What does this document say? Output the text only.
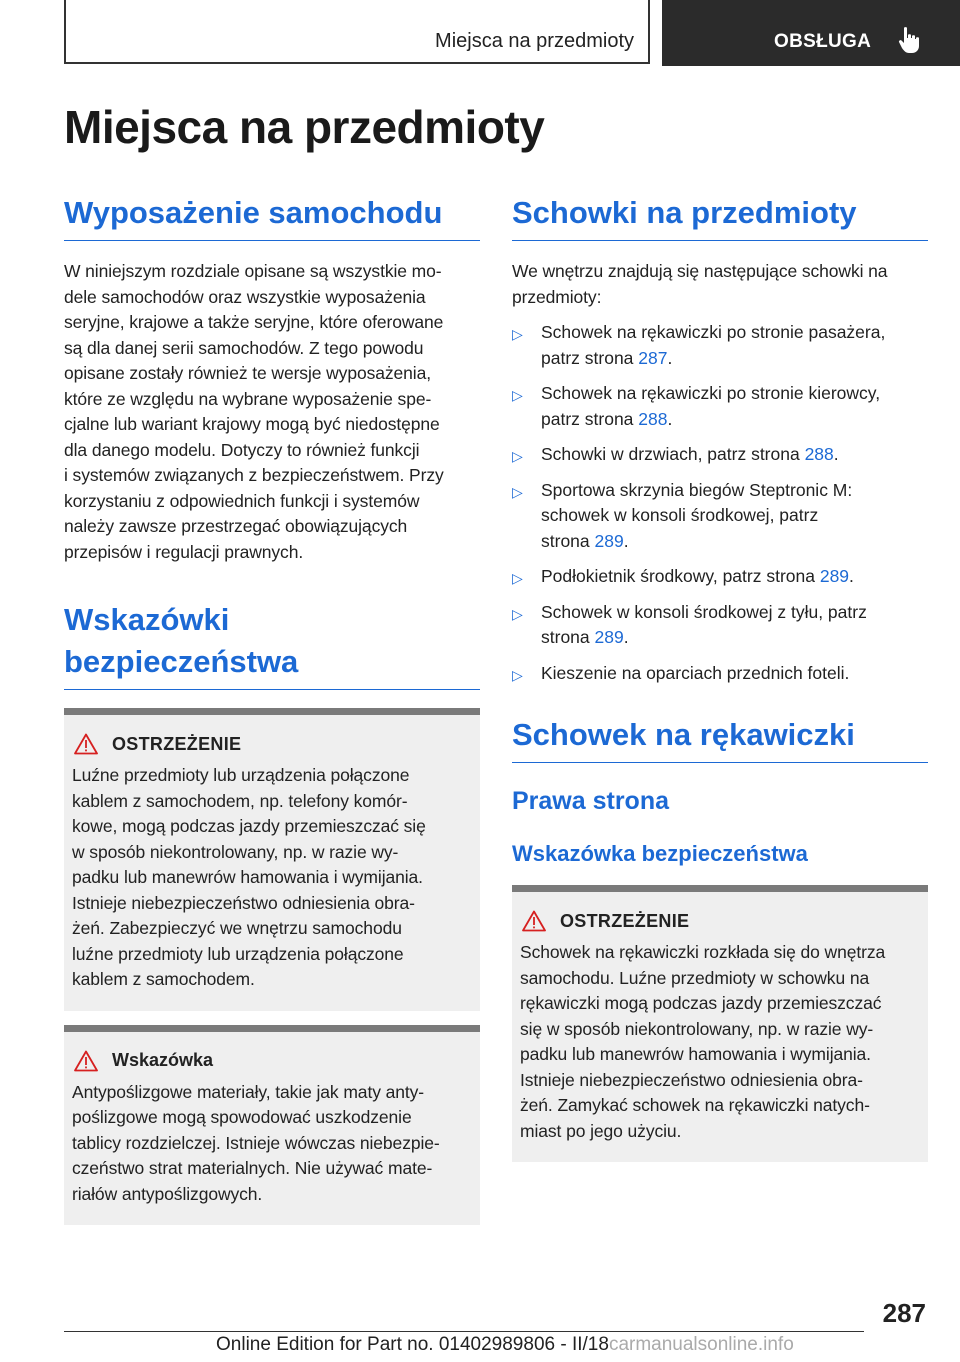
Miejsca na przedmioty	OBSŁUGA
Miejsca na przedmioty
Wyposażenie samochodu
W niniejszym rozdziale opisane są wszystkie mo‐
dele samochodów oraz wszystkie wyposażenia
seryjne, krajowe a także seryjne, które oferowane
są dla danej serii samochodów. Z tego powodu
opisane zostały również te wersje wyposażenia,
które ze względu na wybrane wyposażenie spe‐
cjalne lub wariant krajowy mogą być niedostępne
dla danego modelu. Dotyczy to również funkcji
i systemów związanych z bezpieczeństwem. Przy
korzystaniu z odpowiednich funkcji i systemów
należy zawsze przestrzegać obowiązujących
przepisów i regulacji prawnych.
Wskazówki
bezpieczeństwa
OSTRZEŻENIE
Luźne przedmioty lub urządzenia połączone
kablem z samochodem, np. telefony komór‐
kowe, mogą podczas jazdy przemieszczać się
w sposób niekontrolowany, np. w razie wy‐
padku lub manewrów hamowania i wymijania.
Istnieje niebezpieczeństwo odniesienia obra‐
żeń. Zabezpieczyć we wnętrzu samochodu
luźne przedmioty lub urządzenia połączone
kablem z samochodem.
Wskazówka
Antypoślizgowe materiały, takie jak maty anty‐
poślizgowe mogą spowodować uszkodzenie
tablicy rozdzielczej. Istnieje wówczas niebezpie‐
czeństwo strat materialnych. Nie używać mate‐
riałów antypoślizgowych.
Schowki na przedmioty
We wnętrzu znajdują się następujące schowki na
przedmioty:
▷ Schowek na rękawiczki po stronie pasażera,
patrz strona 287.
▷ Schowek na rękawiczki po stronie kierowcy,
patrz strona 288.
▷ Schowki w drzwiach, patrz strona 288.
▷ Sportowa skrzynia biegów Steptronic M:
schowek w konsoli środkowej, patrz
strona 289.
▷ Podłokietnik środkowy, patrz strona 289.
▷ Schowek w konsoli środkowej z tyłu, patrz
strona 289.
▷ Kieszenie na oparciach przednich foteli.
Schowek na rękawiczki
Prawa strona
Wskazówka bezpieczeństwa
OSTRZEŻENIE
Schowek na rękawiczki rozkłada się do wnętrza
samochodu. Luźne przedmioty w schowku na
rękawiczki mogą podczas jazdy przemieszczać
się w sposób niekontrolowany, np. w razie wy‐
padku lub manewrów hamowania i wymijania.
Istnieje niebezpieczeństwo odniesienia obra‐
żeń. Zamykać schowek na rękawiczki natych‐
miast po jego użyciu.
287
Online Edition for Part no. 01402989806 - II/18carmanualsonline.info
